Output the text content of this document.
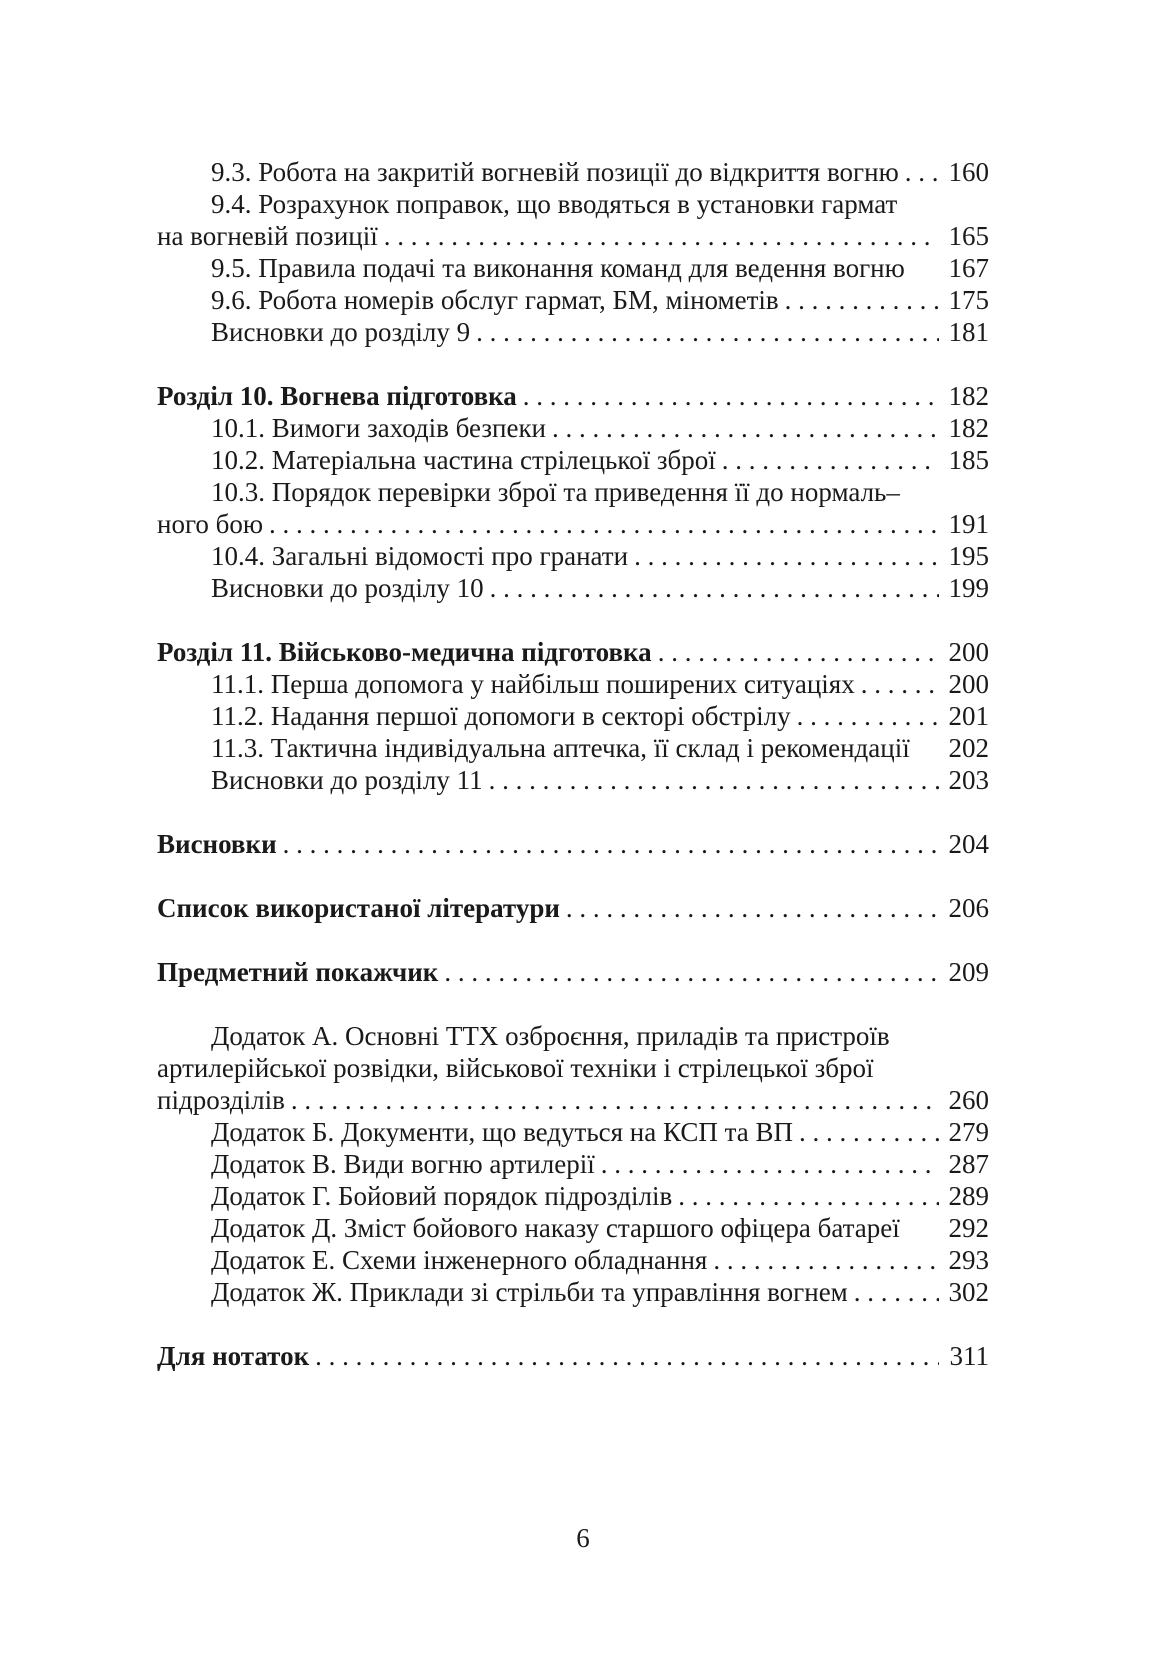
9.3. Робота на закритій вогневій позиції до відкриття вогню . . . 160
9.4. Розрахунок поправок, що вводяться в установки гармат
на вогневій позиції . . .	165
9.5. Правила подачі та виконання команд для ведення вогню 167
9.6. Робота номерів обслуг гармат, БМ, мінометів . . .	175
Висновки до розділу 9 . . .	181
Розділ 10. Вогнева підготовка . . .	182
10.1. Вимоги заходів безпеки . . .	182
10.2. Матеріальна частина стрілецької зброї . . .	185
10.3. Порядок перевірки зброї та приведення її до нормаль–
ного бою . . .	191
10.4. Загальні відомості про гранати . . .	195
Висновки до розділу 10 . . .	199
Розділ 11. Військово-медична підготовка . . .	200
11.1. Перша допомога у найбільш поширених ситуаціях . . .	200
11.2. Надання першої допомоги в секторі обстрілу . . .	201
11.3. Тактична індивідуальна аптечка, її склад і рекомендації 202
Висновки до розділу 11 . . .	203
Висновки . . .	204
Список використаної літератури . . .	206
Предметний покажчик . . .	209
Додаток А. Основні ТТХ озброєння, приладів та пристроїв
артилерійської розвідки, військової техніки і стрілецької зброї
підрозділів . . .	260
Додаток Б. Документи, що ведуться на КСП та ВП . . .	279
Додаток В. Види вогню артилерії . . .	287
Додаток Г. Бойовий порядок підрозділів . . .	289
Додаток Д. Зміст бойового наказу старшого офіцера батареї 292
Додаток Е. Схеми інженерного обладнання . . .	293
Додаток Ж. Приклади зі стрільби та управління вогнем . . .	302
Для нотаток . . .	311
6
